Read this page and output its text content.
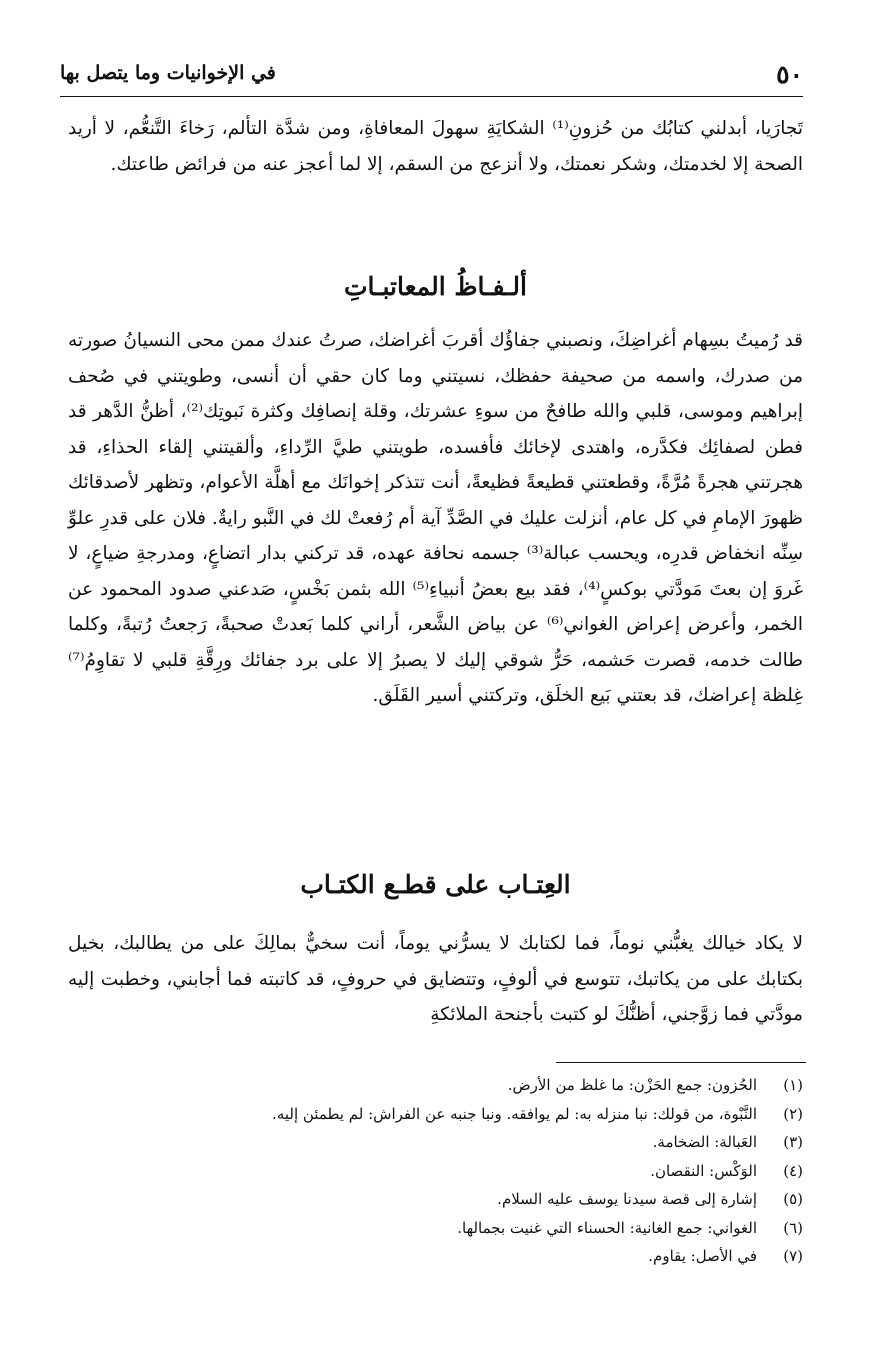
٥٠
في الإخوانيات وما يتصل بها

تَجارَيا، أبدلني كتابُك من حُزونِ⁽¹⁾ الشكايَةِ سهولَ المعافاةِ، ومن شدَّة التألم، رَخاءَ التَّنعُّم، لا أريد الصحة إلا لخدمتك، وشكر نعمتك، ولا أنزعج من السقم، إلا لما أعجز عنه من فرائض طاعتك.

ألـفـاظُ المعاتبـاتِ

قد رُميتُ بسِهام أغراضِكَ، ونصبني جفاؤُك أقربَ أغراضك، صرتُ عندك ممن محى النسيانُ صورته من صدرك، واسمه من صحيفة حفظك، نسيتني وما كان حقي أن أنسى، وطويتني في صُحف إبراهيم وموسى، قلبي والله طافحٌ من سوءِ عشرتك، وقلة إنصافِك وكثرة نَبوتِك⁽²⁾، أظنُّ الدَّهر قد فطن لصفائِك فكدَّره، واهتدى لإخائك فأفسده، طويتني طيَّ الرِّداءِ، وألقيتني إلقاء الحذاءِ، قد هجرتني هجرةً مُرَّةً، وقطعتني قطيعةً فظيعةً، أنت تتذكر إخوانَك مع أهلَّة الأعوام، وتظهر لأصدقائك ظهورَ الإمامِ في كل عام، أنزلت عليك في الصَّدِّ آية أم رُفعتْ لك في النَّبو رايةٌ. فلان على قدرِ علوِّ سِنِّه انخفاض قدرِه، ويحسب عبالة⁽³⁾ جسمه نحافة عهده، قد تركني بدار اتضاعٍ، ومدرجةِ ضياعٍ، لا غَروَ إن بعتَ مَودَّتي بوكسٍ⁽⁴⁾، فقد بيع بعضُ أنبياءِ⁽⁵⁾ الله بثمن بَخْسٍ، صَدعني صدود المحمود عن الخمر، وأعرض إعراض الغواني⁽⁶⁾ عن بياض الشَّعر، أراني كلما بَعدتْ صحبةً، رَجعتُ رُتبةً، وكلما طالت خدمه، قصرت حَشمه، حَرُّ شوقي إليك لا يصبرُ إلا على برد جفائك ورِقَّةِ قلبي لا تقاوِمُ⁽⁷⁾ غِلظة إعراضك، قد بعتني بَيع الخلَق، وتركتني أسير القَلَق.

العِتـاب على قطـع الكتـاب

لا يكاد خيالك يغبُّني نوماً، فما لكتابك لا يسرُّني يوماً، أنت سخيٌّ بمالِكَ على من يطالبك، بخيل بكتابك على من يكاتبك، تتوسع في ألوفٍ، وتتضايق في حروفٍ، قد كاتبته فما أجابني، وخطبت إليه مودَّتي فما زوَّجني، أظنُّكَ لو كتبت بأجنحة الملائكةِ

(١)الحُزون: جمع الحَزْن: ما غلظ من الأرض.
(٢)النَّبْوة، من قولك: نبا منزله به: لم يوافقه. ونبا جنبه عن الفراش: لم يطمئن إليه.
(٣)العَبالة: الضخامة.
(٤)الوَكْس: النقصان.
(٥)إشارة إلى قصة سيدنا يوسف عليه السلام.
(٦)الغواني: جمع الغانية: الحسناء التي غنيت بجمالها.
(٧)في الأصل: يقاوم.
